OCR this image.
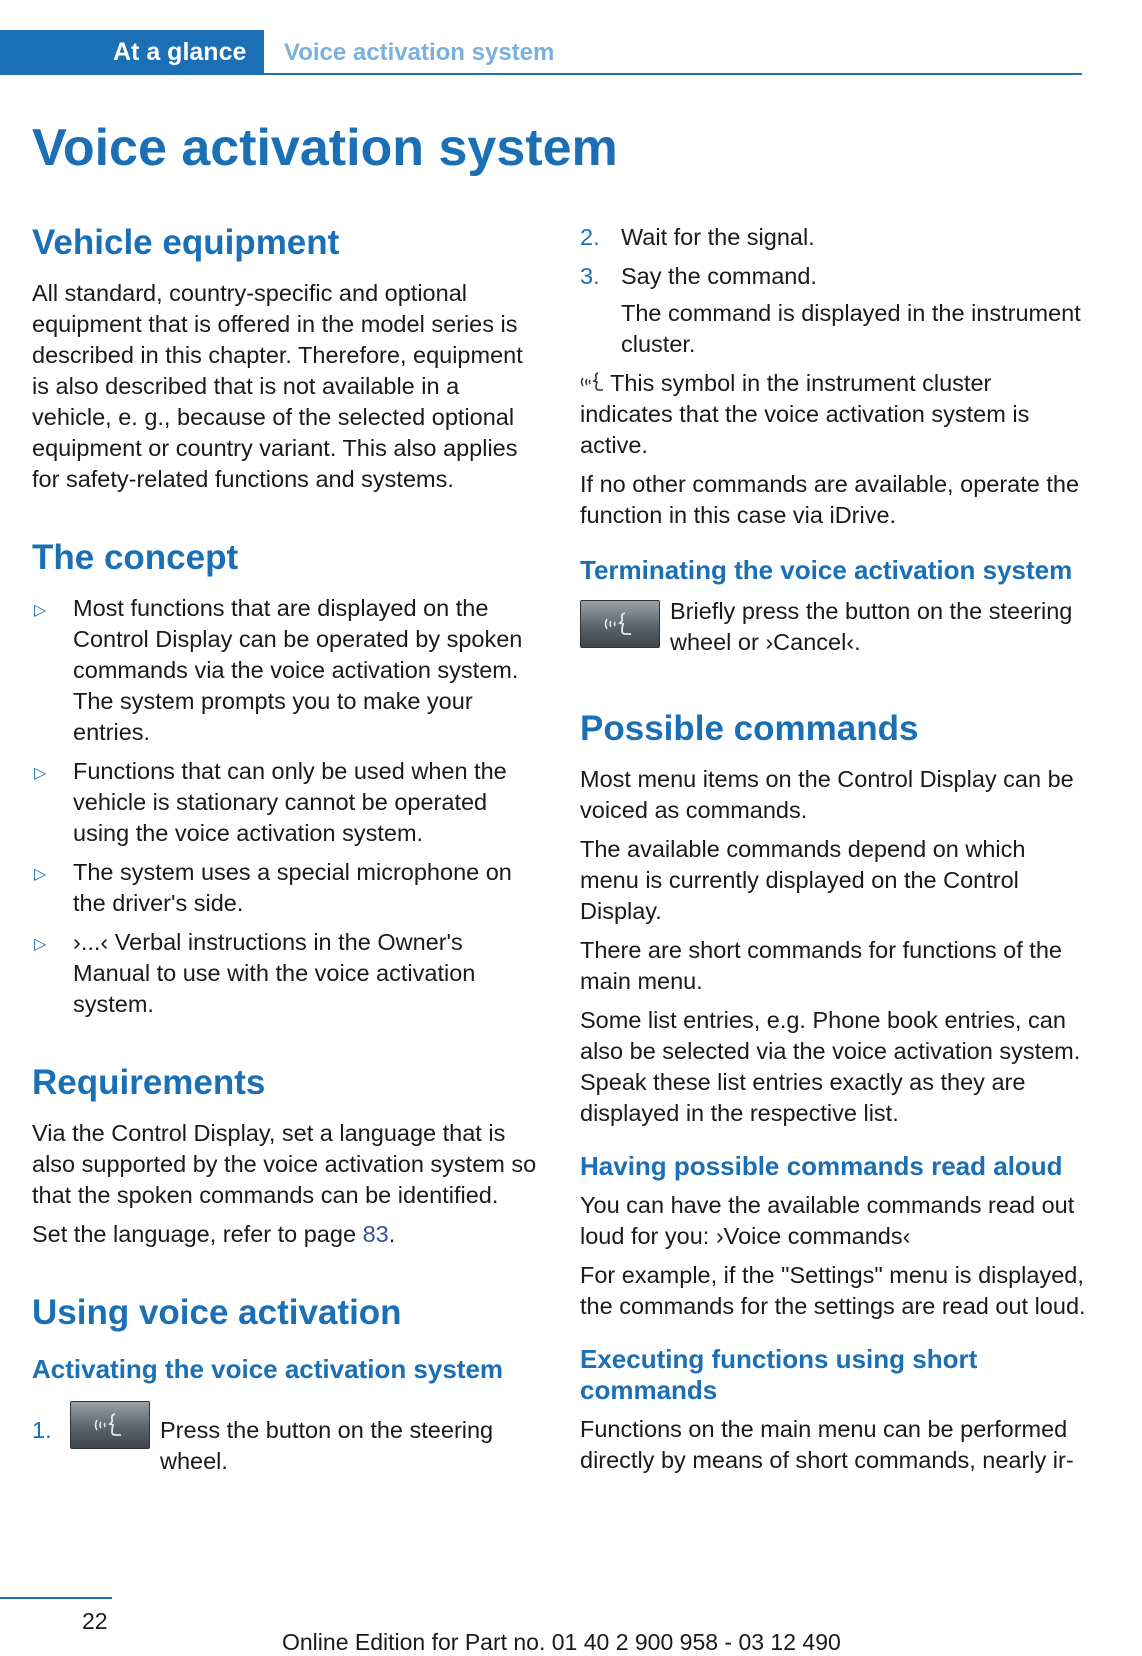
At a glance	Voice activation system
Voice activation system
Vehicle equipment

All standard, country-specific and optional equipment that is offered in the model series is described in this chapter. Therefore, equipment is also described that is not available in a vehicle, e. g., because of the selected optional equipment or country variant. This also applies for safety-related functions and systems.

The concept
▷ Most functions that are displayed on the Control Display can be operated by spoken commands via the voice activation system. The system prompts you to make your entries.
▷ Functions that can only be used when the vehicle is stationary cannot be operated using the voice activation system.
▷ The system uses a special microphone on the driver's side.
▷ ›...‹ Verbal instructions in the Owner's Manual to use with the voice activation system.
Requirements

Via the Control Display, set a language that is also supported by the voice activation system so that the spoken commands can be identified.

Set the language, refer to page 83.

Using voice activation
Activating the voice activation system
1.	Press the button on the steering wheel.
2. Wait for the signal.
3. Say the command.

The command is displayed in the instrument cluster.

This symbol in the instrument cluster indicates that the voice activation system is active.

If no other commands are available, operate the function in this case via iDrive.

Terminating the voice activation system

Briefly press the button on the steering wheel or ›Cancel‹.

Possible commands

Most menu items on the Control Display can be voiced as commands.

The available commands depend on which menu is currently displayed on the Control Display.

There are short commands for functions of the main menu.

Some list entries, e.g. Phone book entries, can also be selected via the voice activation system. Speak these list entries exactly as they are displayed in the respective list.

Having possible commands read aloud

You can have the available commands read out loud for you: ›Voice commands‹

For example, if the "Settings" menu is displayed, the commands for the settings are read out loud.

Executing functions using short commands

Functions on the main menu can be performed directly by means of short commands, nearly ir-

22
Online Edition for Part no. 01 40 2 900 958 - 03 12 490
